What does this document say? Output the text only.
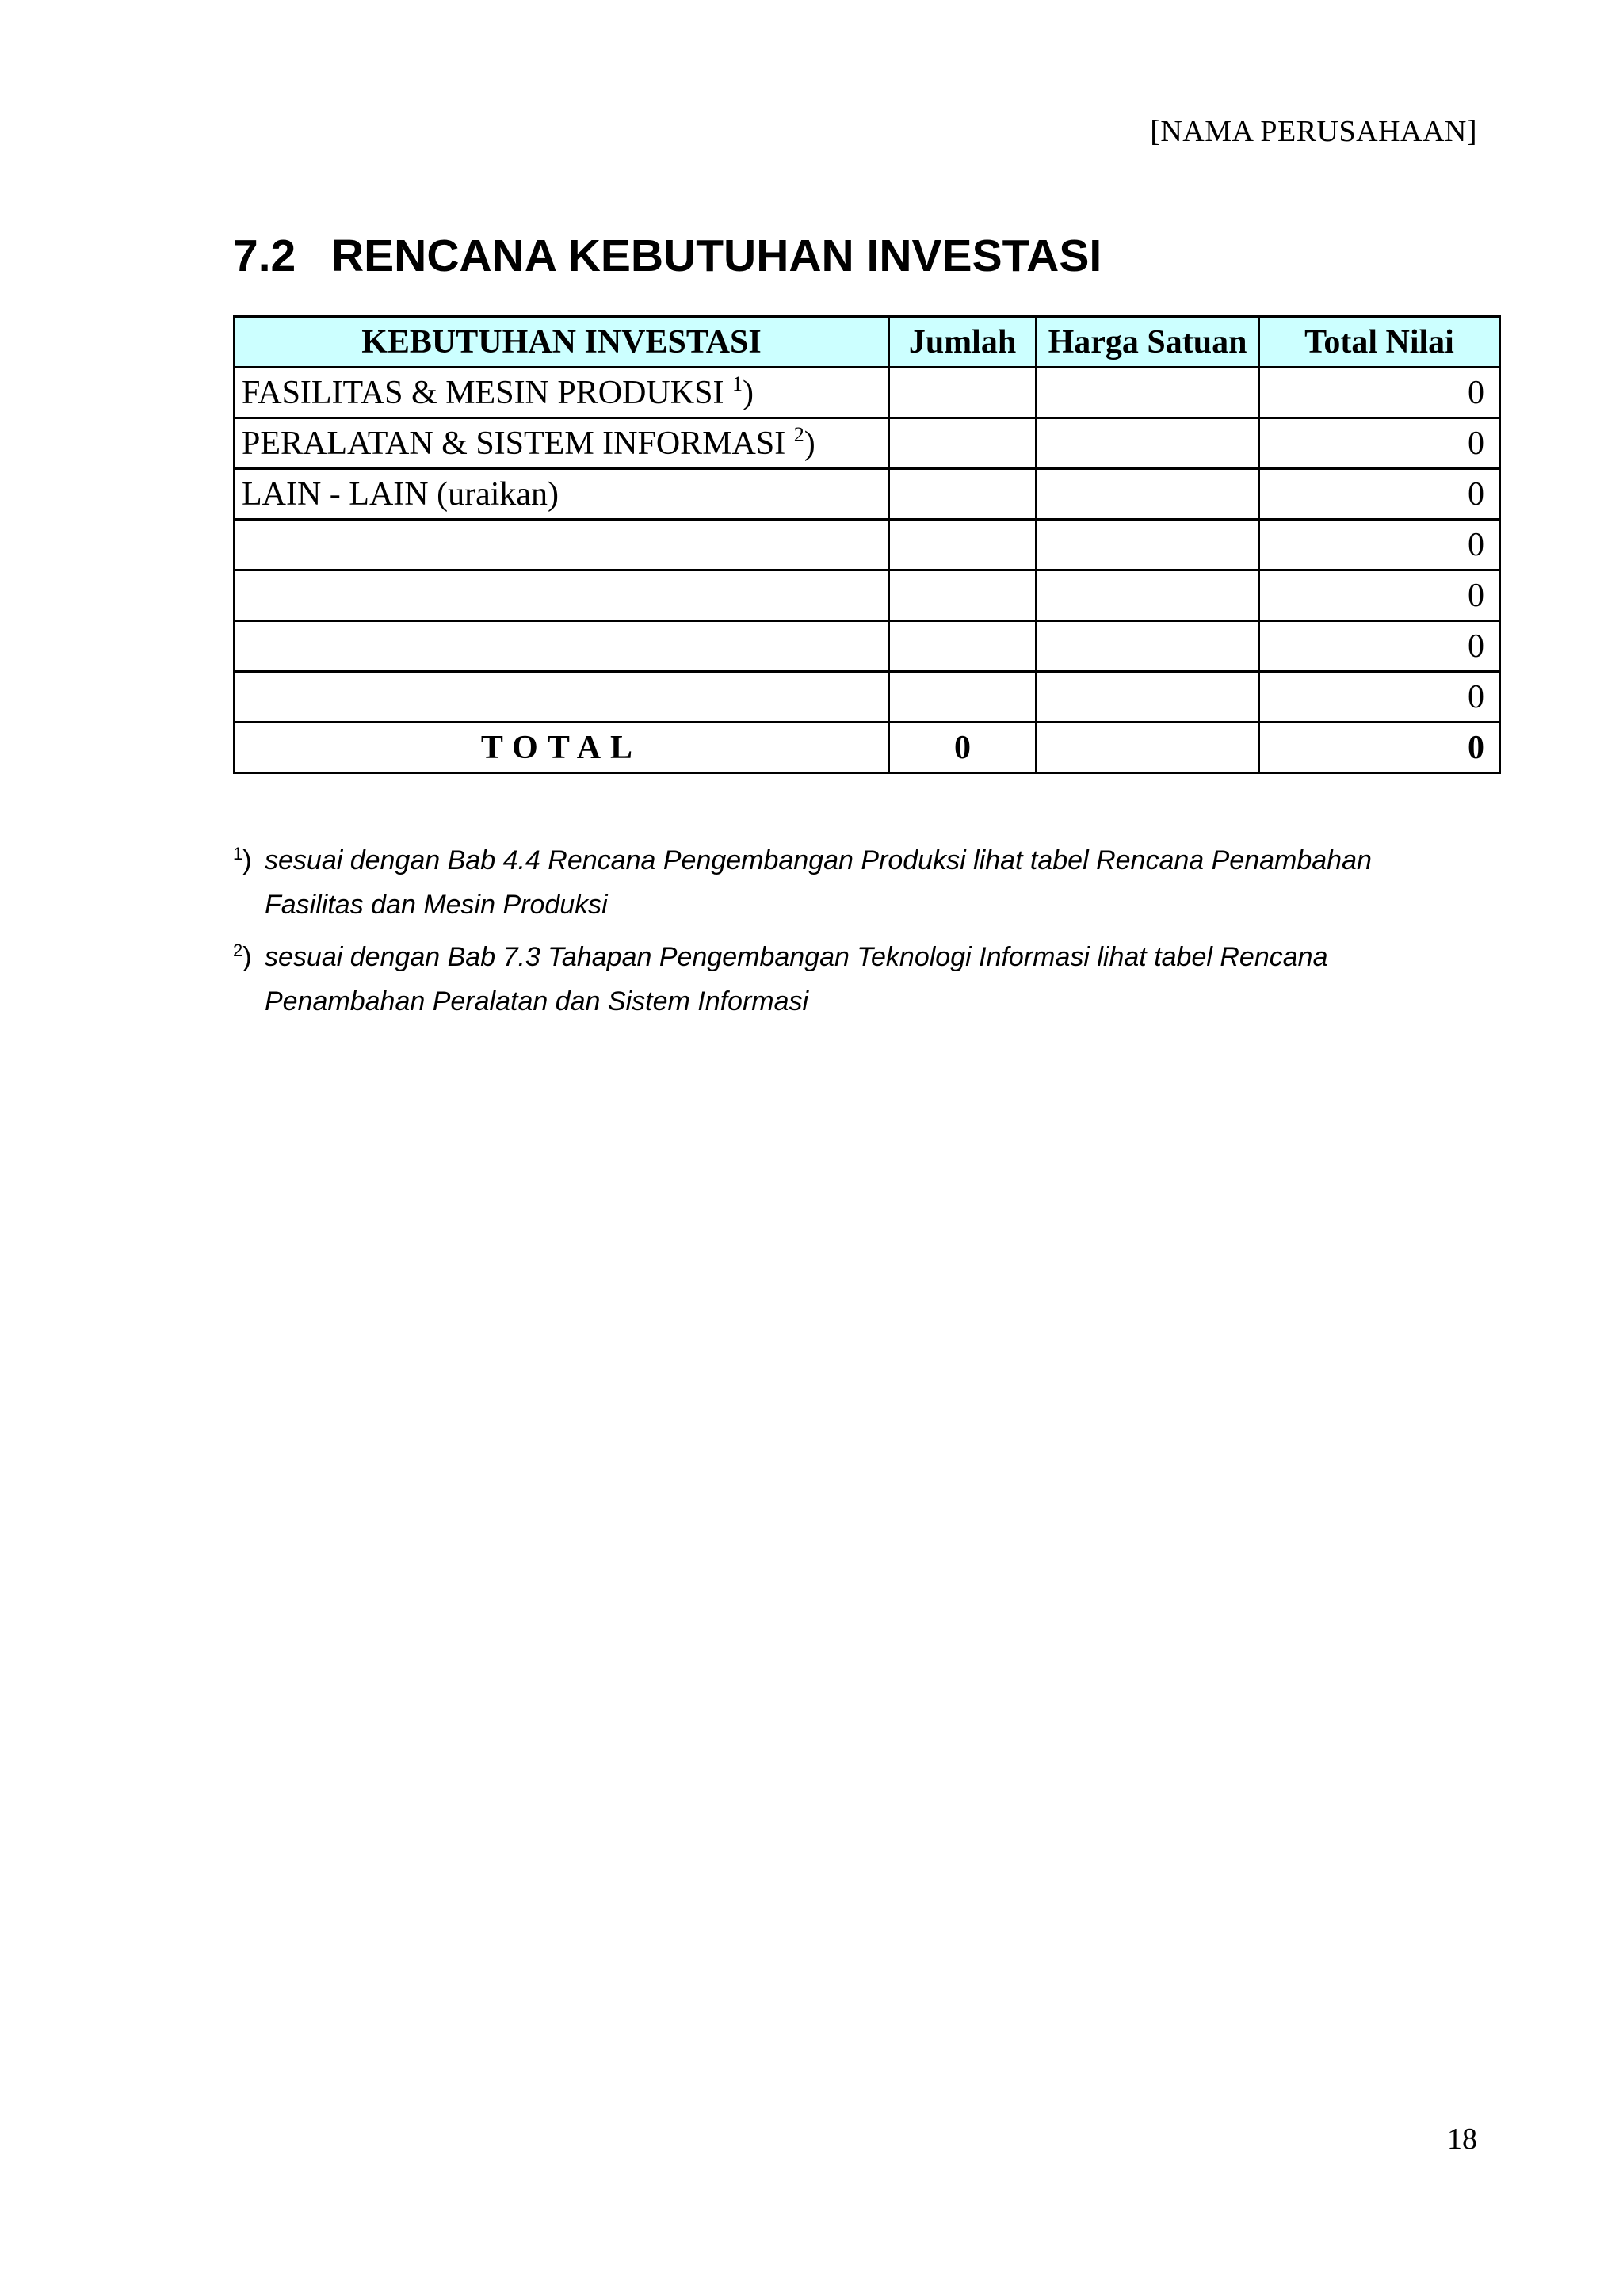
[NAMA PERUSAHAAN]
7.2 RENCANA KEBUTUHAN INVESTASI
KEBUTUHAN INVESTASI	Jumlah	Harga Satuan	Total Nilai
FASILITAS & MESIN PRODUKSI $^1$)			0
PERALATAN & SISTEM INFORMASI $^2$)			0
LAIN - LAIN (uraikan)			0
			0
			0
			0
			0
TOTAL	0		0
$^1$) sesuai dengan Bab 4.4 Rencana Pengembangan Produksi lihat tabel Rencana Penambahan Fasilitas dan Mesin Produksi
$^2$) sesuai dengan Bab 7.3 Tahapan Pengembangan Teknologi Informasi lihat tabel Rencana Penambahan Peralatan dan Sistem Informasi
18
